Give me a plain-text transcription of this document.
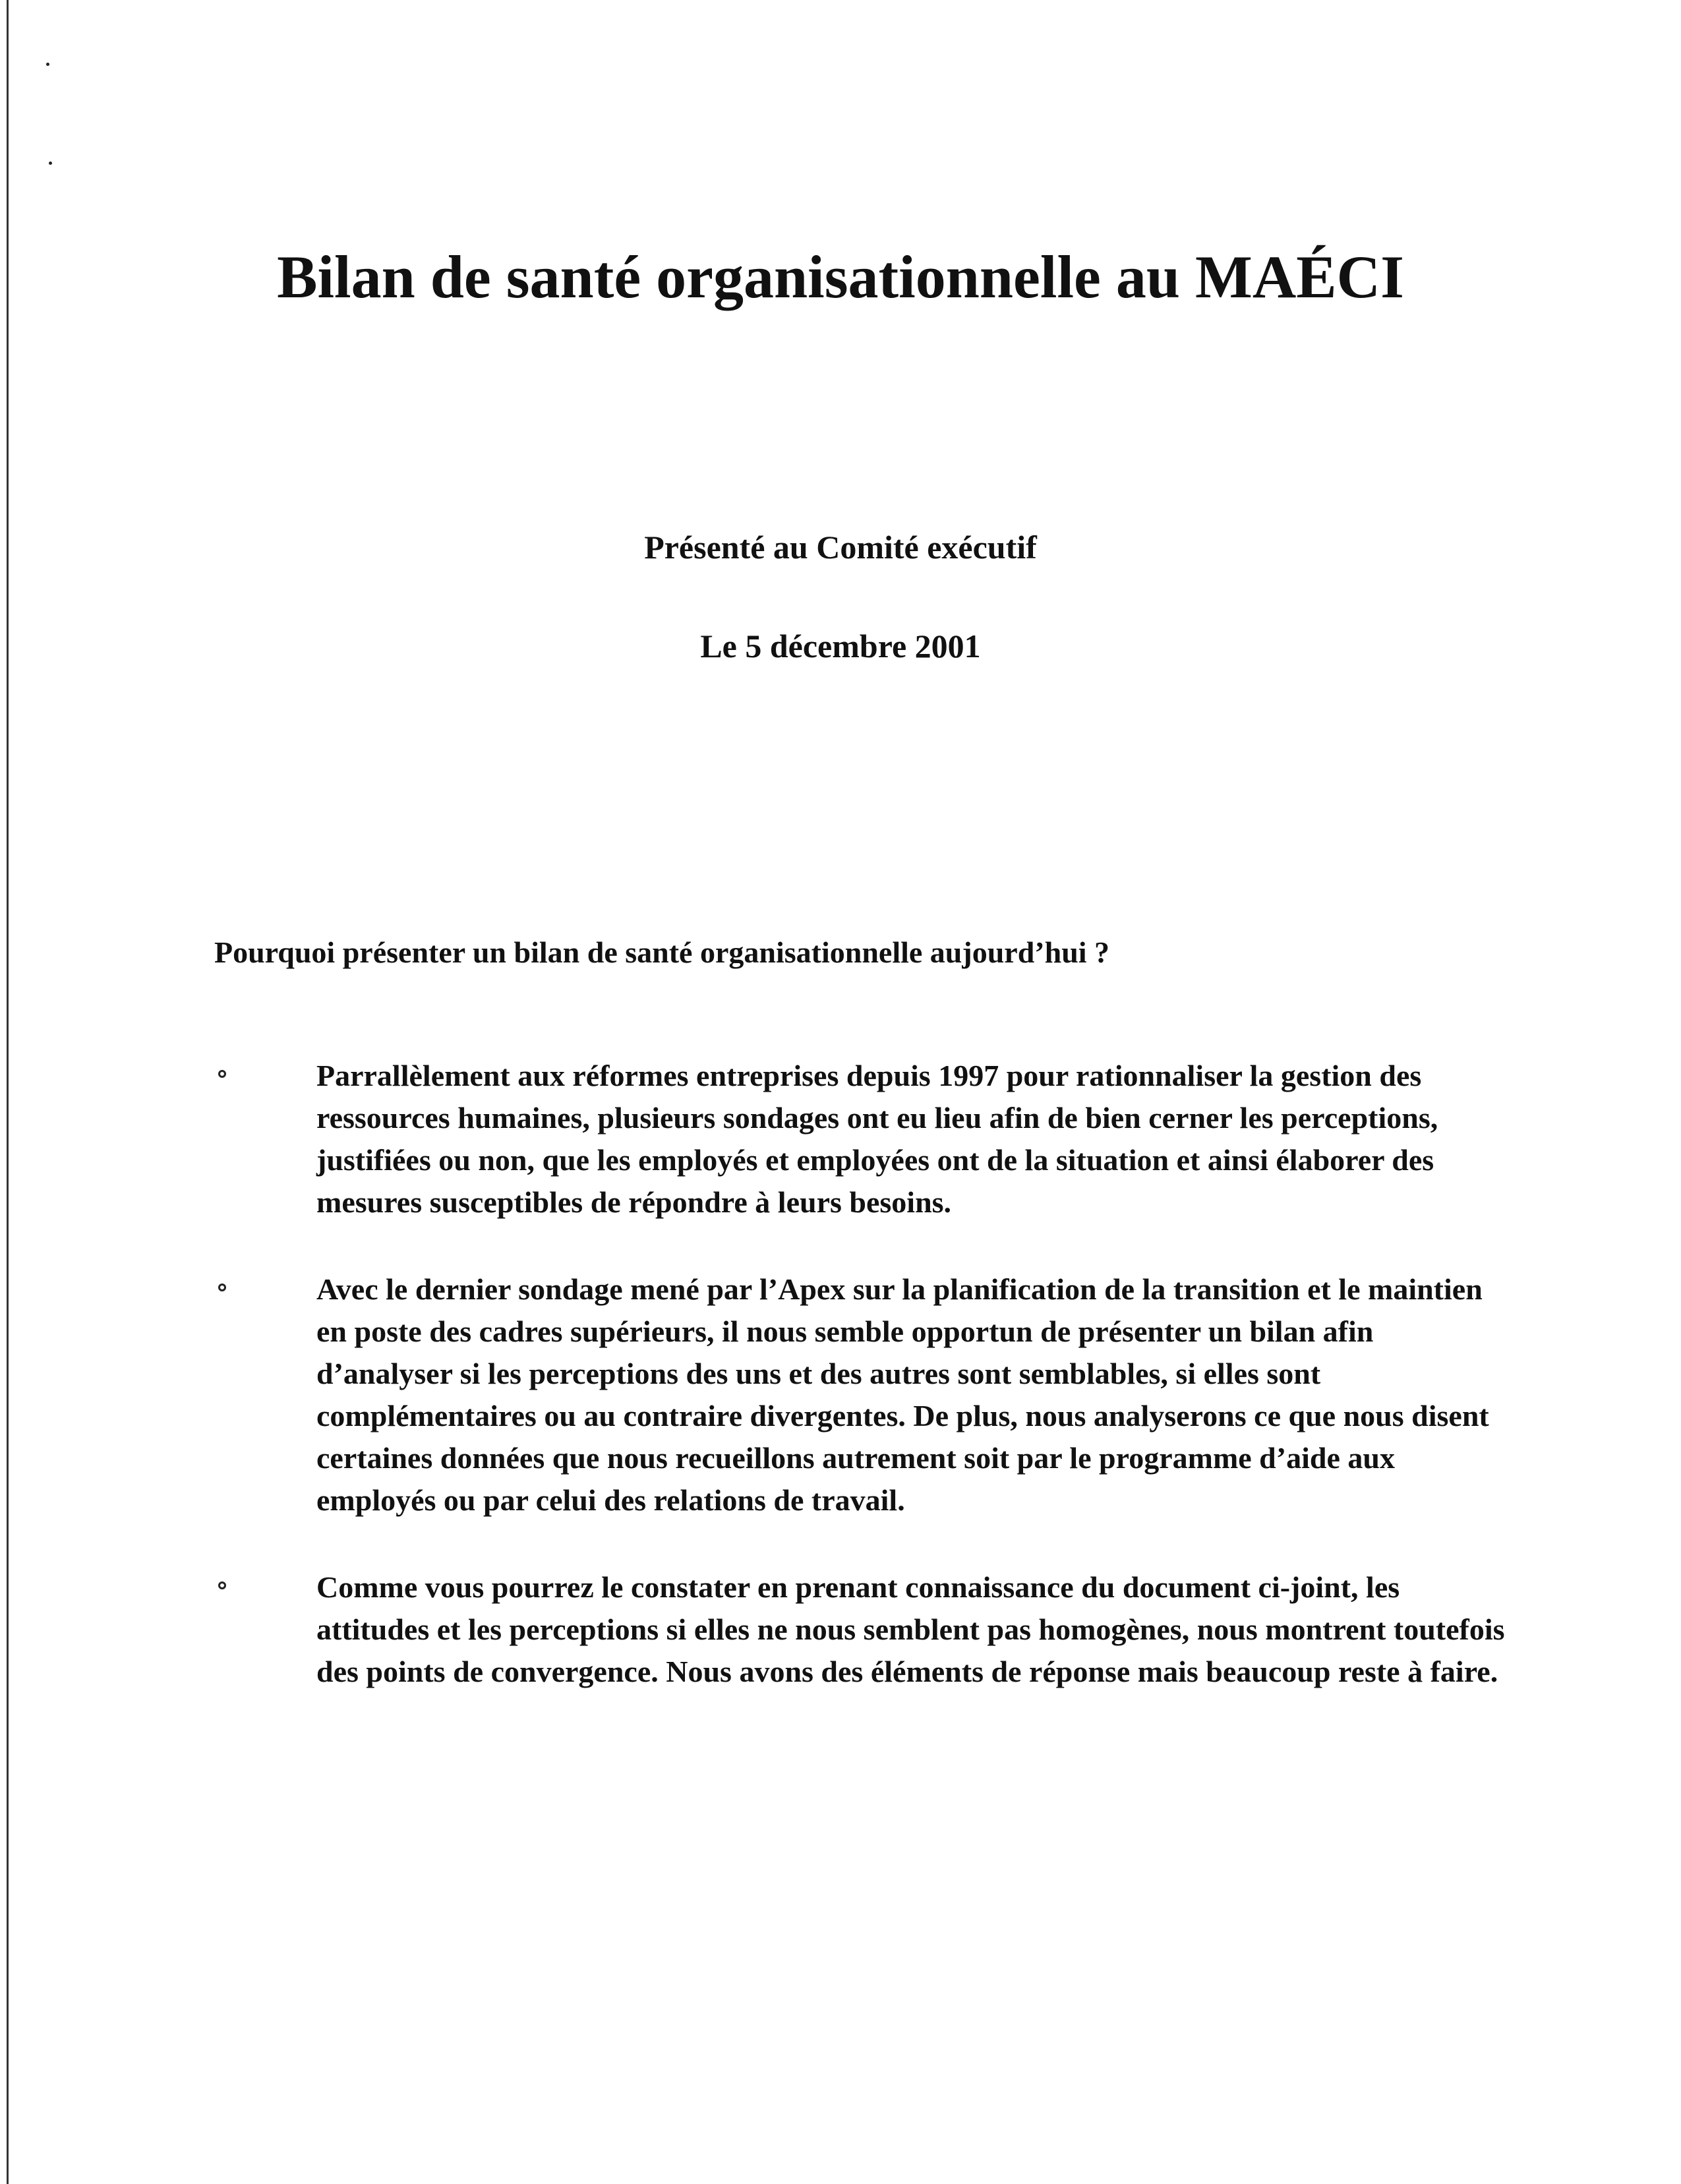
Bilan de santé organisationnelle au MAÉCI

Présenté au Comité exécutif

Le 5 décembre 2001

Pourquoi présenter un bilan de santé organisationnelle aujourd’hui ?

Parrallèlement aux réformes entreprises depuis 1997 pour rationnaliser la gestion des ressources humaines, plusieurs sondages ont eu lieu afin de bien cerner les perceptions, justifiées ou non, que les employés et employées ont de la situation et ainsi élaborer des mesures susceptibles de répondre à leurs besoins.
Avec le dernier sondage mené par l’Apex sur la planification de la transition et le maintien en poste des cadres supérieurs, il nous semble opportun de présenter un bilan afin d’analyser si les perceptions des uns et des autres sont semblables, si elles sont complémentaires ou au contraire divergentes. De plus, nous analyserons ce que nous disent certaines données que nous recueillons autrement soit par le programme d’aide aux employés ou par celui des relations de travail.
Comme vous pourrez le constater en prenant connaissance du document ci-joint, les attitudes et les perceptions si elles ne nous semblent pas homogènes, nous montrent toutefois des points de convergence. Nous avons des éléments de réponse mais beaucoup reste à faire.
